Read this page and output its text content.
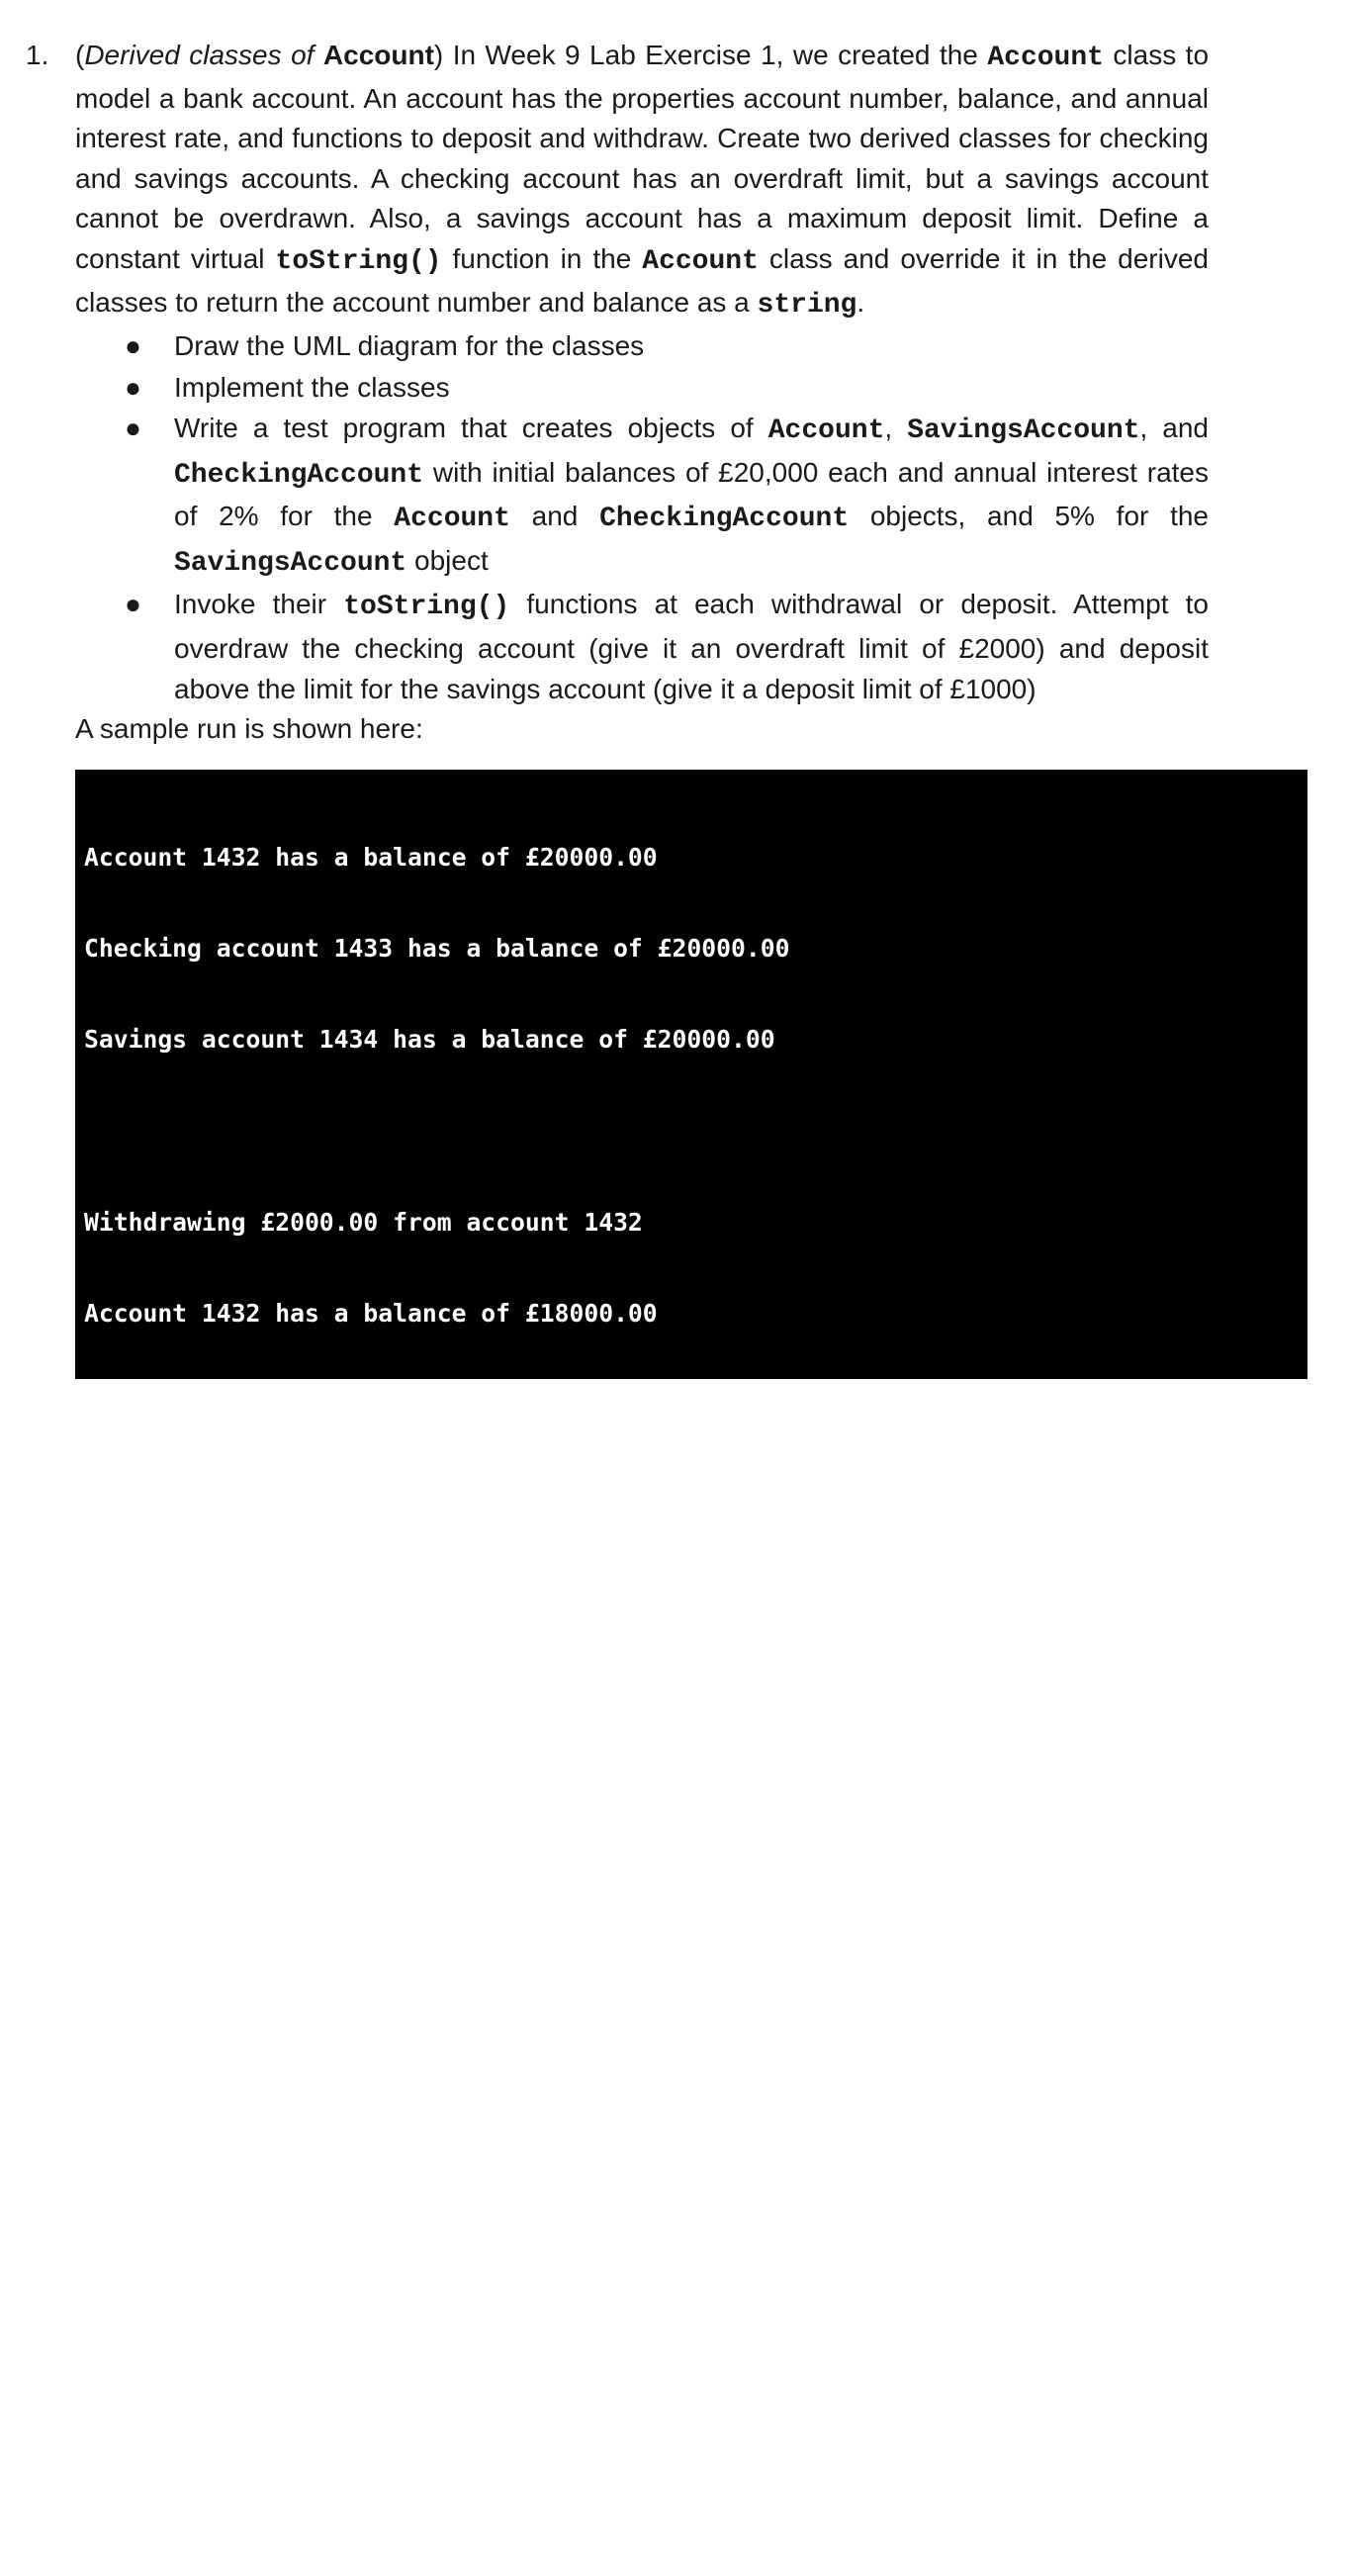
1. (Derived classes of Account) In Week 9 Lab Exercise 1, we created the Account class to model a bank account. An account has the properties account number, balance, and annual interest rate, and functions to deposit and withdraw. Create two derived classes for checking and savings accounts. A checking account has an overdraft limit, but a savings account cannot be overdrawn. Also, a savings account has a maximum deposit limit. Define a constant virtual toString() function in the Account class and override it in the derived classes to return the account number and balance as a string.
● Draw the UML diagram for the classes
● Implement the classes
● Write a test program that creates objects of Account, SavingsAccount, and CheckingAccount with initial balances of £20,000 each and annual interest rates of 2% for the Account and CheckingAccount objects, and 5% for the SavingsAccount object
● Invoke their toString() functions at each withdrawal or deposit. Attempt to overdraw the checking account (give it an overdraft limit of £2000) and deposit above the limit for the savings account (give it a deposit limit of £1000)
A sample run is shown here:

Account 1432 has a balance of £20000.00

Checking account 1433 has a balance of £20000.00

Savings account 1434 has a balance of £20000.00

Withdrawing £2000.00 from account 1432

Account 1432 has a balance of £18000.00

Attempting to withdraw £5000.00 from checking account 1433

Checking account 1433 has a balance of £15000.00

Attempting to withdraw £20000.00 from checking account 1433

Failed: withdrawal will exceed overdraft limit of £2000.00 for this checking account

Checking account 1433 has a balance of £15000.00

Depositing £1000.00 to account 1432

Account 1432 has a balance of £19000.00

Attempting to deposit £500.00 to savings account 1434

Savings account 1434 has a balance of £20500.00

Attempting to deposit £10000.00 to savings account 1434

Failed: deposit will exceed limit of £1000.00 for this savings account

Savings account 1434 has a balance of £20500.00
